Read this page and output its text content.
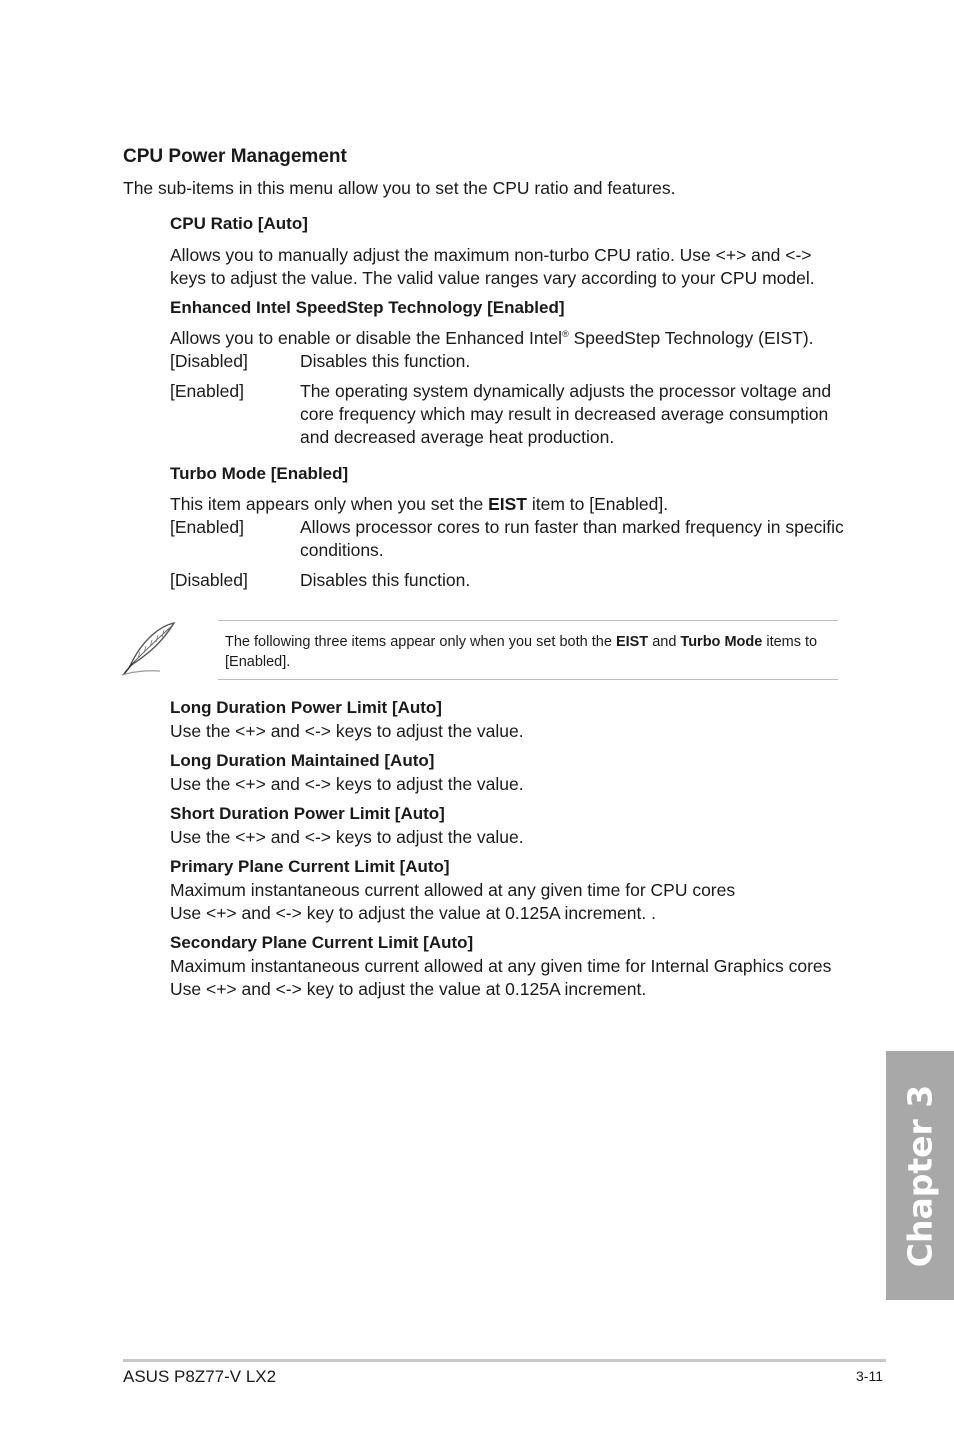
CPU Power Management
The sub-items in this menu allow you to set the CPU ratio and features.
CPU Ratio [Auto]
Allows you to manually adjust the maximum non-turbo CPU ratio. Use <+> and <->
keys to adjust the value. The valid value ranges vary according to your CPU model.
Enhanced Intel SpeedStep Technology [Enabled]
Allows you to enable or disable the Enhanced Intel® SpeedStep Technology (EIST).
[Disabled]	Disables this function.
[Enabled]	The operating system dynamically adjusts the processor voltage and core frequency which may result in decreased average consumption and decreased average heat production.
Turbo Mode [Enabled]
This item appears only when you set the EIST item to [Enabled].
[Enabled]	Allows processor cores to run faster than marked frequency in specific conditions.
[Disabled]	Disables this function.
The following three items appear only when you set both the EIST and Turbo Mode items to [Enabled].
Long Duration Power Limit [Auto]
Use the <+> and <-> keys to adjust the value.
Long Duration Maintained [Auto]
Use the <+> and <-> keys to adjust the value.
Short Duration Power Limit [Auto]
Use the <+> and <-> keys to adjust the value.
Primary Plane Current Limit [Auto]
Maximum instantaneous current allowed at any given time for CPU cores
Use <+> and <-> key to adjust the value at 0.125A increment. .
Secondary Plane Current Limit [Auto]
Maximum instantaneous current allowed at any given time for Internal Graphics cores
Use <+> and <-> key to adjust the value at 0.125A increment.
Chapter 3
ASUS P8Z77-V LX2	3-11
